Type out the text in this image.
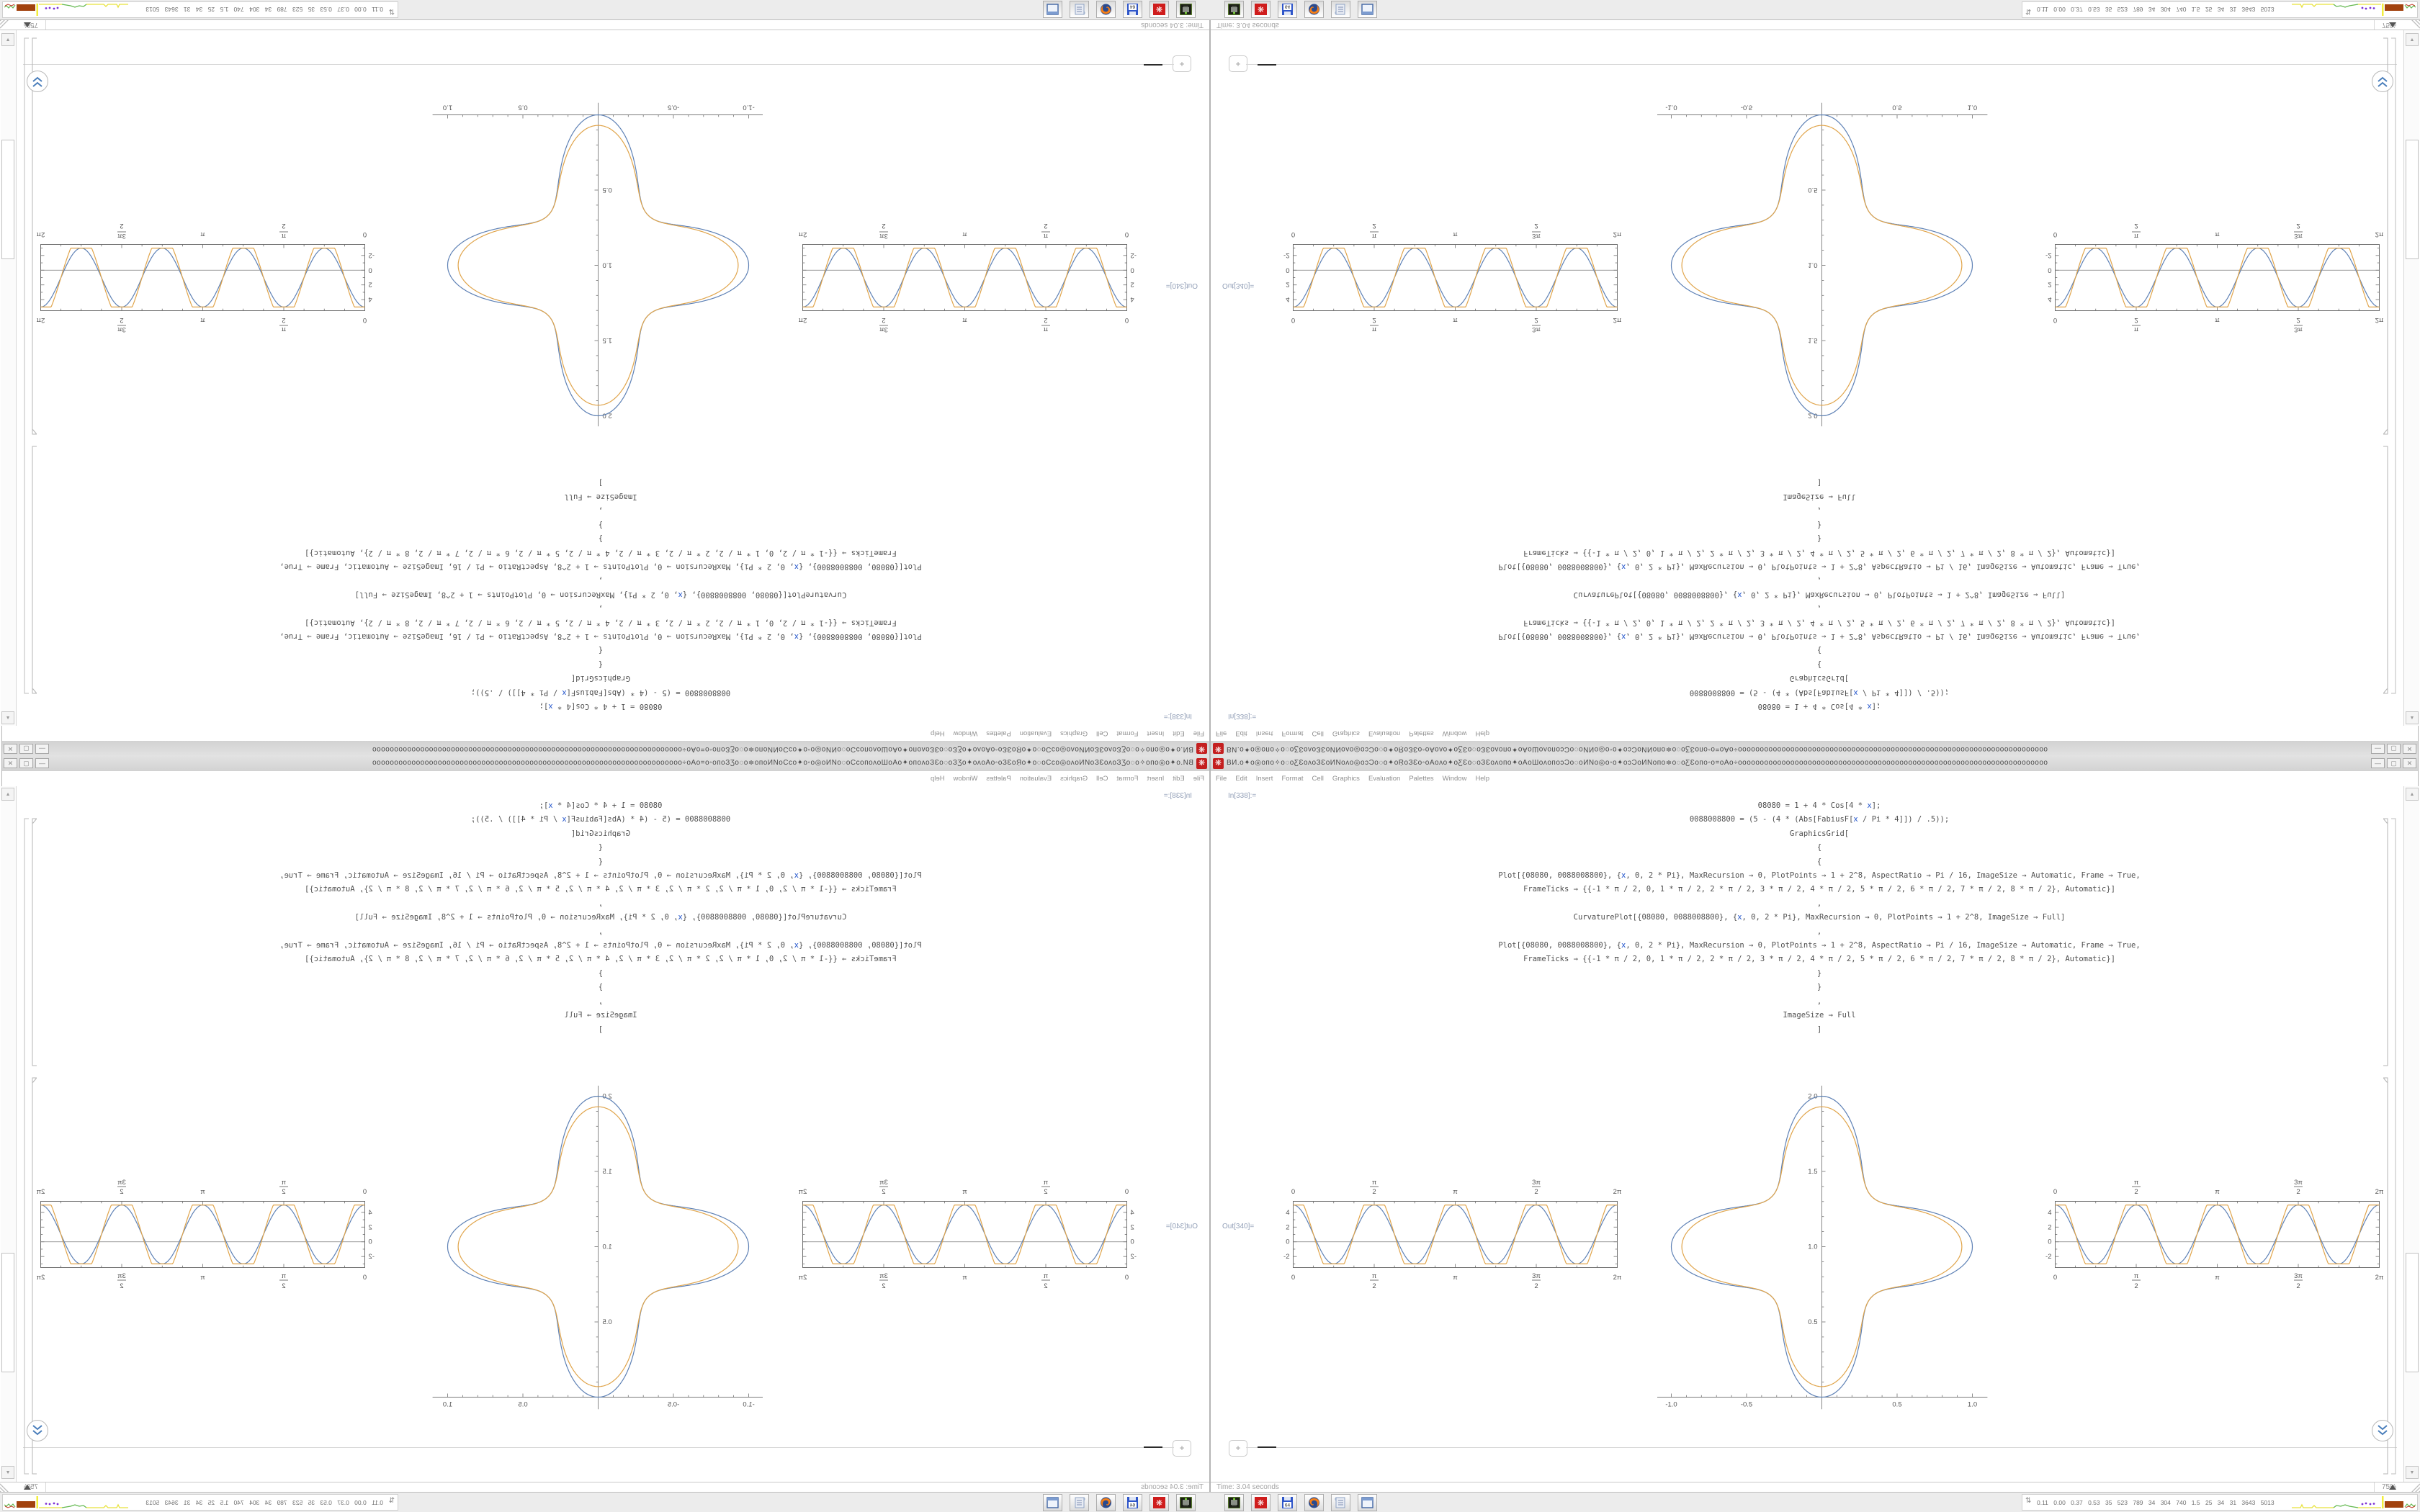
❋
ВИ.о✦о◎опо✧о◌оƸƐоʌоЗƐоИNоʌо◎оɔƆо◌о✦оṜоЗƐо◦оАоʌо✦оƸƐо◌оЗƐоʌопо✦оАоШоʌопоɔƆо◌оИNо◎о◦о✦оɔƆоИNопо≑о◌оƸƐопо◦о=оАо÷ооооооооооооооооооооооооооооооооооооооооооооооооооооооооооооооооооооооо
—
▢
✕
FileEditInsertFormatCellGraphicsEvaluationPalettesWindowHelp
In[338]:=
08080 = 1 + 4 * Cos[4 * x];
0088008800 = (5 - (4 * (Abs[FabiusF[x / Pi * 4]]) / .5));
GraphicsGrid[
{
{
Plot[{08080, 0088008800}, {x, 0, 2 * Pi}, MaxRecursion → 0, PlotPoints → 1 + 2^8, AspectRatio → Pi / 16, ImageSize → Automatic, Frame → True,
FrameTicks → {{-1 * π / 2, 0, 1 * π / 2, 2 * π / 2, 3 * π / 2, 4 * π / 2, 5 * π / 2, 6 * π / 2, 7 * π / 2, 8 * π / 2}, Automatic}]
,
CurvaturePlot[{08080, 0088008800}, {x, 0, 2 * Pi}, MaxRecursion → 0, PlotPoints → 1 + 2^8, ImageSize → Full]
,
Plot[{08080, 0088008800}, {x, 0, 2 * Pi}, MaxRecursion → 0, PlotPoints → 1 + 2^8, AspectRatio → Pi / 16, ImageSize → Automatic, Frame → True,
FrameTicks → {{-1 * π / 2, 0, 1 * π / 2, 2 * π / 2, 3 * π / 2, 4 * π / 2, 5 * π / 2, 6 * π / 2, 7 * π / 2, 8 * π / 2}, Automatic}]
}
}
,
ImageSize → Full
]
Out[340]=
0
0
π
2
π
2
π
π
3π
2
3π
2
2π
2π
4
2
0
-2
-1.0
-0.5
0.5
1.0
0.5
1.0
1.5
2.0
0
0
π
2
π
2
π
π
3π
2
3π
2
2π
2π
4
2
0
-2
+
▲
▼
Time: 3.04 seconds
75%
❋
64
⇅
0.11 0.00 0.37 0.53 35 523 789 34 304 740 1.5 25 34 31 3643 5013
❋ ВИ.о✦о◎опо✧о◌оƸƐоʌоЗƐоИNоʌо◎оɔƆо◌о✦оṜоЗƐо◦оАоʌо✦оƸƐо◌оЗƐоʌопо✦оАоШоʌопоɔƆо◌оИNо◎о◦о✦оɔƆоИNопо≑о◌оƸƐопо◦о=оАо÷ооооооооооооооооооооооооооооооооооооооооооооооооооооооооооооооооооооооо	—	▢	✕
File Edit Insert Format Cell Graphics Evaluation Palettes Window Help
In[338]:=
08080 = 1 + 4 * Cos[4 * x];
0088008800 = (5 - (4 * (Abs[FabiusF[x / Pi * 4]]) / .5));
GraphicsGrid[
{
{
Plot[{08080, 0088008800}, {x, 0, 2 * Pi}, MaxRecursion → 0, PlotPoints → 1 + 2^8, AspectRatio → Pi / 16, ImageSize → Automatic, Frame → True,
FrameTicks → {{-1 * π / 2, 0, 1 * π / 2, 2 * π / 2, 3 * π / 2, 4 * π / 2, 5 * π / 2, 6 * π / 2, 7 * π / 2, 8 * π / 2}, Automatic}]
,
CurvaturePlot[{08080, 0088008800}, {x, 0, 2 * Pi}, MaxRecursion → 0, PlotPoints → 1 + 2^8, ImageSize → Full]
,
Plot[{08080, 0088008800}, {x, 0, 2 * Pi}, MaxRecursion → 0, PlotPoints → 1 + 2^8, AspectRatio → Pi / 16, ImageSize → Automatic, Frame → True,
FrameTicks → {{-1 * π / 2, 0, 1 * π / 2, 2 * π / 2, 3 * π / 2, 4 * π / 2, 5 * π / 2, 6 * π / 2, 7 * π / 2, 8 * π / 2}, Automatic}]
}
}
,
ImageSize → Full
]
Out[340]=
0
0
π
2
π
2
π
π
3π
2
3π
2
2π
2π
4
2
0
-2
-1.0	-0.5	0.5	1.0
0.5
1.0
1.5
2.0
0
0
π
2
π
2
π
π
3π
2
3π
2
2π
2π
4
2
0
-2
+
▲
▼
Time: 3.04 seconds	75%
❋	64
⇅ 0.11 0.00 0.37 0.53 35 523 789 34 304 740 1.5 25 34 31 3643 5013
❋
ВИ.о✦о◎опо✧о◌оƸƐоʌоЗƐоИNоʌо◎оɔƆо◌о✦оṜоЗƐо◦оАоʌо✦оƸƐо◌оЗƐоʌопо✦оАоШоʌопоɔƆо◌оИNо◎о◦о✦оɔƆоИNопо≑о◌оƸƐопо◦о=оАо÷ооооооооооооооооооооооооооооооооооооооооооооооооооооооооооооооооооооооо
—
▢
✕
FileEditInsertFormatCellGraphicsEvaluationPalettesWindowHelp
In[338]:=
08080 = 1 + 4 * Cos[4 * x];
0088008800 = (5 - (4 * (Abs[FabiusF[x / Pi * 4]]) / .5));
GraphicsGrid[
{
{
Plot[{08080, 0088008800}, {x, 0, 2 * Pi}, MaxRecursion → 0, PlotPoints → 1 + 2^8, AspectRatio → Pi / 16, ImageSize → Automatic, Frame → True,
FrameTicks → {{-1 * π / 2, 0, 1 * π / 2, 2 * π / 2, 3 * π / 2, 4 * π / 2, 5 * π / 2, 6 * π / 2, 7 * π / 2, 8 * π / 2}, Automatic}]
,
CurvaturePlot[{08080, 0088008800}, {x, 0, 2 * Pi}, MaxRecursion → 0, PlotPoints → 1 + 2^8, ImageSize → Full]
,
Plot[{08080, 0088008800}, {x, 0, 2 * Pi}, MaxRecursion → 0, PlotPoints → 1 + 2^8, AspectRatio → Pi / 16, ImageSize → Automatic, Frame → True,
FrameTicks → {{-1 * π / 2, 0, 1 * π / 2, 2 * π / 2, 3 * π / 2, 4 * π / 2, 5 * π / 2, 6 * π / 2, 7 * π / 2, 8 * π / 2}, Automatic}]
}
}
,
ImageSize → Full
]
Out[340]=
0
0
π
2
π
2
π
π
3π
2
3π
2
2π
2π
4
2
0
-2
-1.0
-0.5
0.5
1.0
0.5
1.0
1.5
2.0
0
0
π
2
π
2
π
π
3π
2
3π
2
2π
2π
4
2
0
-2
+
▲
▼
Time: 3.04 seconds
75%
❋
64
⇅
0.11 0.00 0.37 0.53 35 523 789 34 304 740 1.5 25 34 31 3643 5013
❋ ВИ.о✦о◎опо✧о◌оƸƐоʌоЗƐоИNоʌо◎оɔƆо◌о✦оṜоЗƐо◦оАоʌо✦оƸƐо◌оЗƐоʌопо✦оАоШоʌопоɔƆо◌оИNо◎о◦о✦оɔƆоИNопо≑о◌оƸƐопо◦о=оАо÷ооооооооооооооооооооооооооооооооооооооооооооооооооооооооооооооооооооооо	—	▢	✕
File Edit Insert Format Cell Graphics Evaluation Palettes Window Help
In[338]:=
08080 = 1 + 4 * Cos[4 * x];
0088008800 = (5 - (4 * (Abs[FabiusF[x / Pi * 4]]) / .5));
GraphicsGrid[
{
{
Plot[{08080, 0088008800}, {x, 0, 2 * Pi}, MaxRecursion → 0, PlotPoints → 1 + 2^8, AspectRatio → Pi / 16, ImageSize → Automatic, Frame → True,
FrameTicks → {{-1 * π / 2, 0, 1 * π / 2, 2 * π / 2, 3 * π / 2, 4 * π / 2, 5 * π / 2, 6 * π / 2, 7 * π / 2, 8 * π / 2}, Automatic}]
,
CurvaturePlot[{08080, 0088008800}, {x, 0, 2 * Pi}, MaxRecursion → 0, PlotPoints → 1 + 2^8, ImageSize → Full]
,
Plot[{08080, 0088008800}, {x, 0, 2 * Pi}, MaxRecursion → 0, PlotPoints → 1 + 2^8, AspectRatio → Pi / 16, ImageSize → Automatic, Frame → True,
FrameTicks → {{-1 * π / 2, 0, 1 * π / 2, 2 * π / 2, 3 * π / 2, 4 * π / 2, 5 * π / 2, 6 * π / 2, 7 * π / 2, 8 * π / 2}, Automatic}]
}
}
,
ImageSize → Full
]
Out[340]=
0
0
π
2
π
2
π
π
3π
2
3π
2
2π
2π
4
2
0
-2
-1.0	-0.5	0.5	1.0
0.5
1.0
1.5
2.0
0
0
π
2
π
2
π
π
3π
2
3π
2
2π
2π
4
2
0
-2
+
▲
▼
Time: 3.04 seconds	75%
❋	64
⇅ 0.11 0.00 0.37 0.53 35 523 789 34 304 740 1.5 25 34 31 3643 5013
